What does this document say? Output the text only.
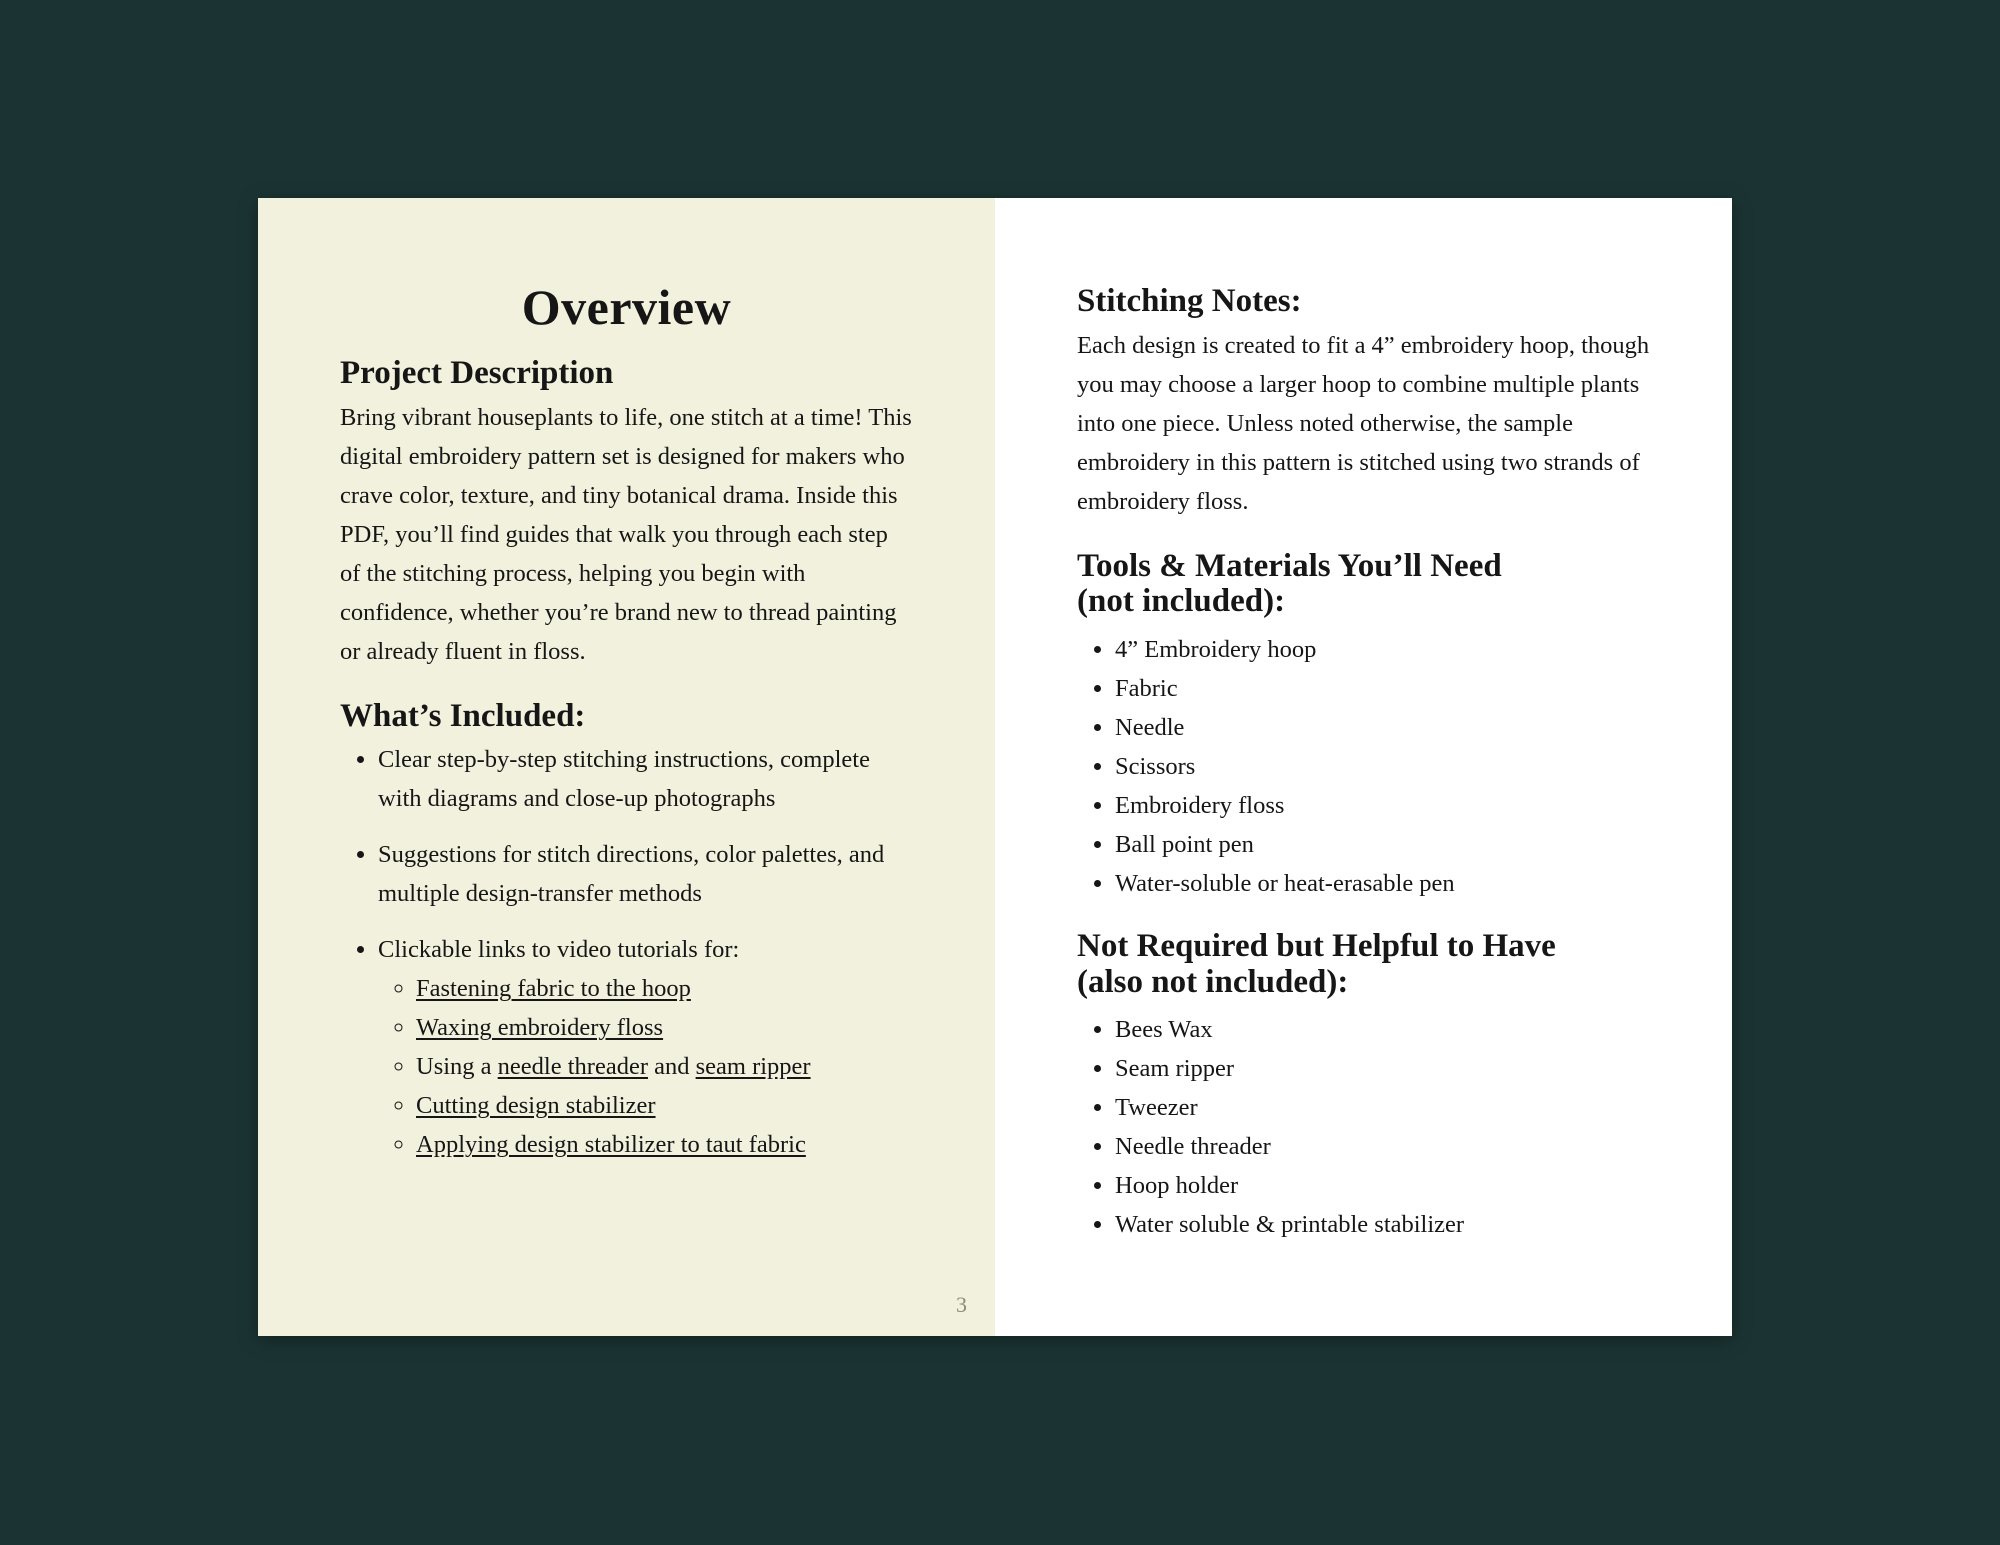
Overview
Project Description

Bring vibrant houseplants to life, one stitch at a time! This digital embroidery pattern set is designed for makers who crave color, texture, and tiny botanical drama. Inside this PDF, you’ll find guides that walk you through each step of the stitching process, helping you begin with confidence, whether you’re brand new to thread painting or already fluent in floss.

What’s Included:
• Clear step-by-step stitching instructions, complete with diagrams and close-up photographs
• Suggestions for stitch directions, color palettes, and multiple design-transfer methods
• Clickable links to video tutorials for:
◦ Fastening fabric to the hoop
◦ Waxing embroidery floss
◦ Using a needle threader and seam ripper
◦ Cutting design stabilizer
◦ Applying design stabilizer to taut fabric
3
Stitching Notes:

Each design is created to fit a 4” embroidery hoop, though you may choose a larger hoop to combine multiple plants into one piece. Unless noted otherwise, the sample embroidery in this pattern is stitched using two strands of embroidery floss.

Tools & Materials You’ll Need
(not included):
• 4” Embroidery hoop
• Fabric
• Needle
• Scissors
• Embroidery floss
• Ball point pen
• Water-soluble or heat-erasable pen
Not Required but Helpful to Have
(also not included):
• Bees Wax
• Seam ripper
• Tweezer
• Needle threader
• Hoop holder
• Water soluble & printable stabilizer
